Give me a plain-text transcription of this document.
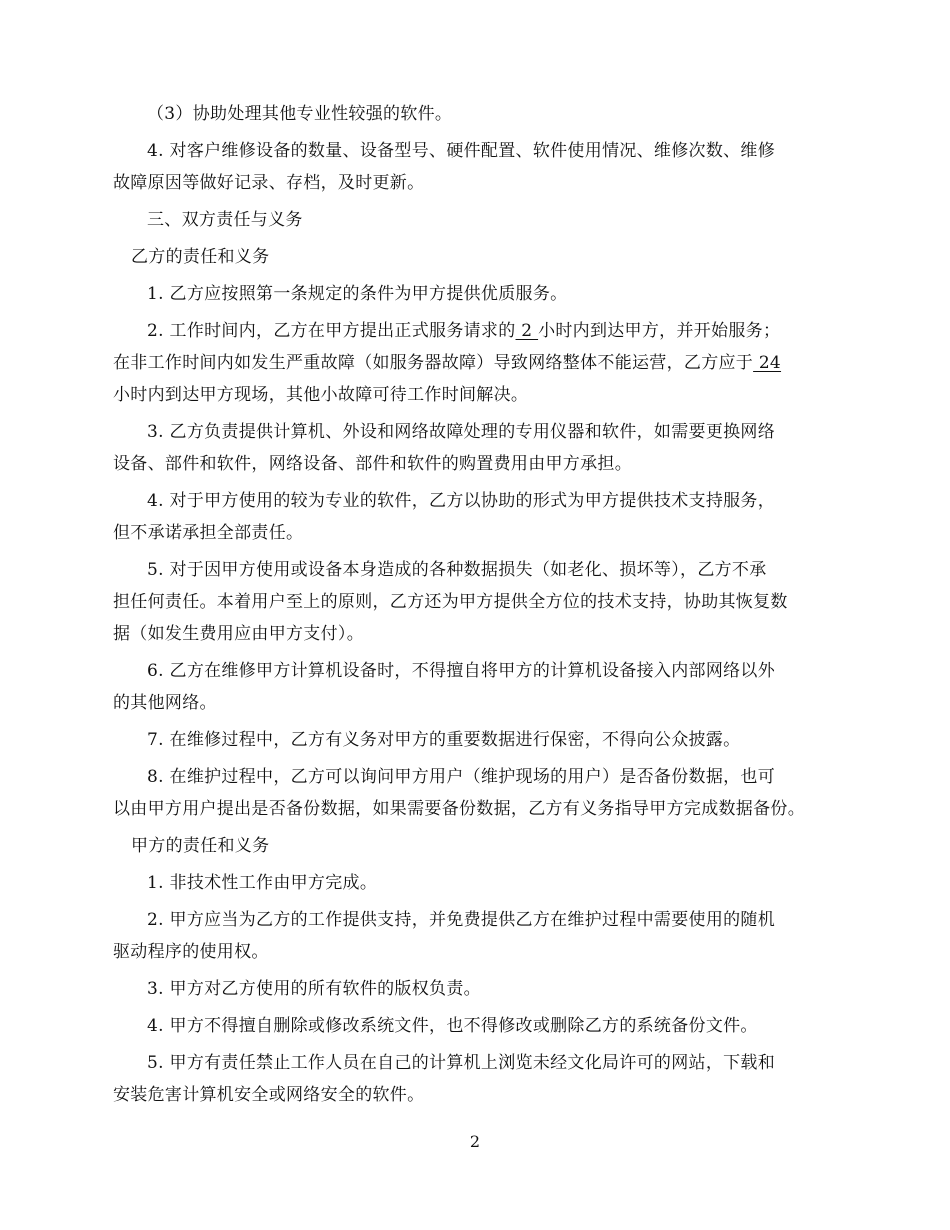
（3）协助处理其他专业性较强的软件。
4. 对客户维修设备的数量、设备型号、硬件配置、软件使用情况、维修次数、维修
故障原因等做好记录、存档，及时更新。
三、双方责任与义务
乙方的责任和义务
1. 乙方应按照第一条规定的条件为甲方提供优质服务。
2. 工作时间内，乙方在甲方提出正式服务请求的 2 小时内到达甲方，并开始服务；
在非工作时间内如发生严重故障（如服务器故障）导致网络整体不能运营，乙方应于 24
小时内到达甲方现场，其他小故障可待工作时间解决。
3. 乙方负责提供计算机、外设和网络故障处理的专用仪器和软件，如需要更换网络
设备、部件和软件，网络设备、部件和软件的购置费用由甲方承担。
4. 对于甲方使用的较为专业的软件，乙方以协助的形式为甲方提供技术支持服务，
但不承诺承担全部责任。
5. 对于因甲方使用或设备本身造成的各种数据损失（如老化、损坏等），乙方不承
担任何责任。本着用户至上的原则，乙方还为甲方提供全方位的技术支持，协助其恢复数
据（如发生费用应由甲方支付）。
6. 乙方在维修甲方计算机设备时，不得擅自将甲方的计算机设备接入内部网络以外
的其他网络。
7. 在维修过程中，乙方有义务对甲方的重要数据进行保密，不得向公众披露。
8. 在维护过程中，乙方可以询问甲方用户（维护现场的用户）是否备份数据，也可
以由甲方用户提出是否备份数据，如果需要备份数据，乙方有义务指导甲方完成数据备份。
甲方的责任和义务
1. 非技术性工作由甲方完成。
2. 甲方应当为乙方的工作提供支持，并免费提供乙方在维护过程中需要使用的随机
驱动程序的使用权。
3. 甲方对乙方使用的所有软件的版权负责。
4. 甲方不得擅自删除或修改系统文件，也不得修改或删除乙方的系统备份文件。
5. 甲方有责任禁止工作人员在自己的计算机上浏览未经文化局许可的网站，下载和
安装危害计算机安全或网络安全的软件。
2
